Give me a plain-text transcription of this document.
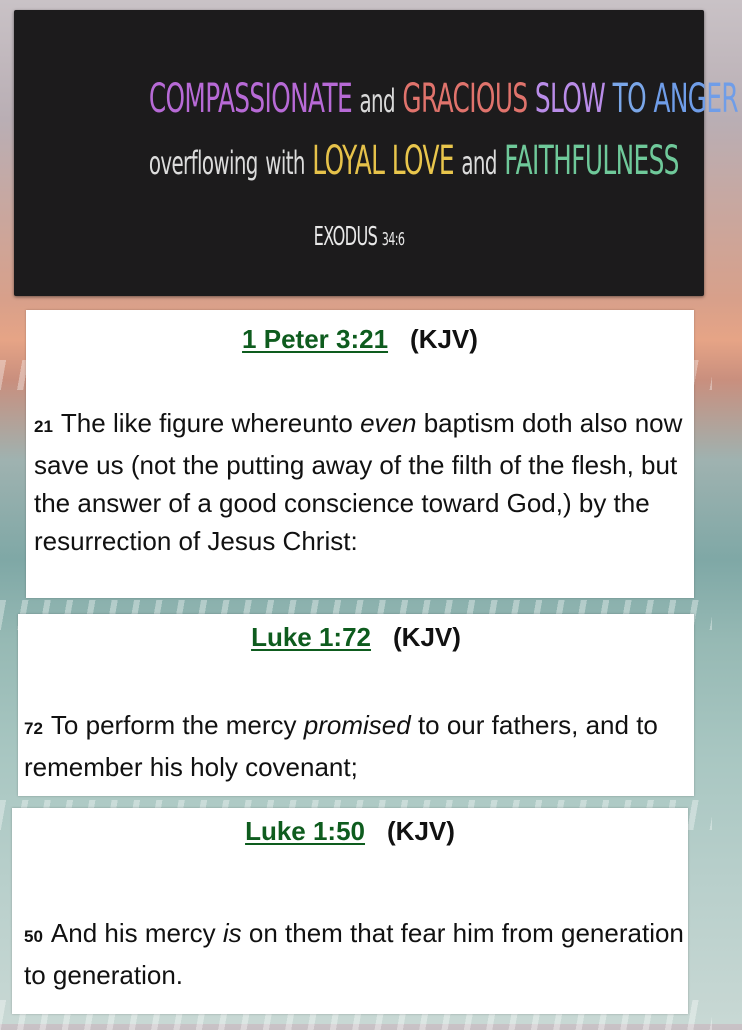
COMPASSIONATE and GRACIOUS SLOW TO ANGER
overflowing with LOYAL LOVE and FAITHFULNESS
EXODUS 34:6
1 Peter 3:21 (KJV)
21 The like figure whereunto even baptism doth also now save us (not the putting away of the filth of the flesh, but the answer of a good conscience toward God,) by the resurrection of Jesus Christ:
Luke 1:72 (KJV)
72 To perform the mercy promised to our fathers, and to remember his holy covenant;
Luke 1:50 (KJV)
50 And his mercy is on them that fear him from generation to generation.
